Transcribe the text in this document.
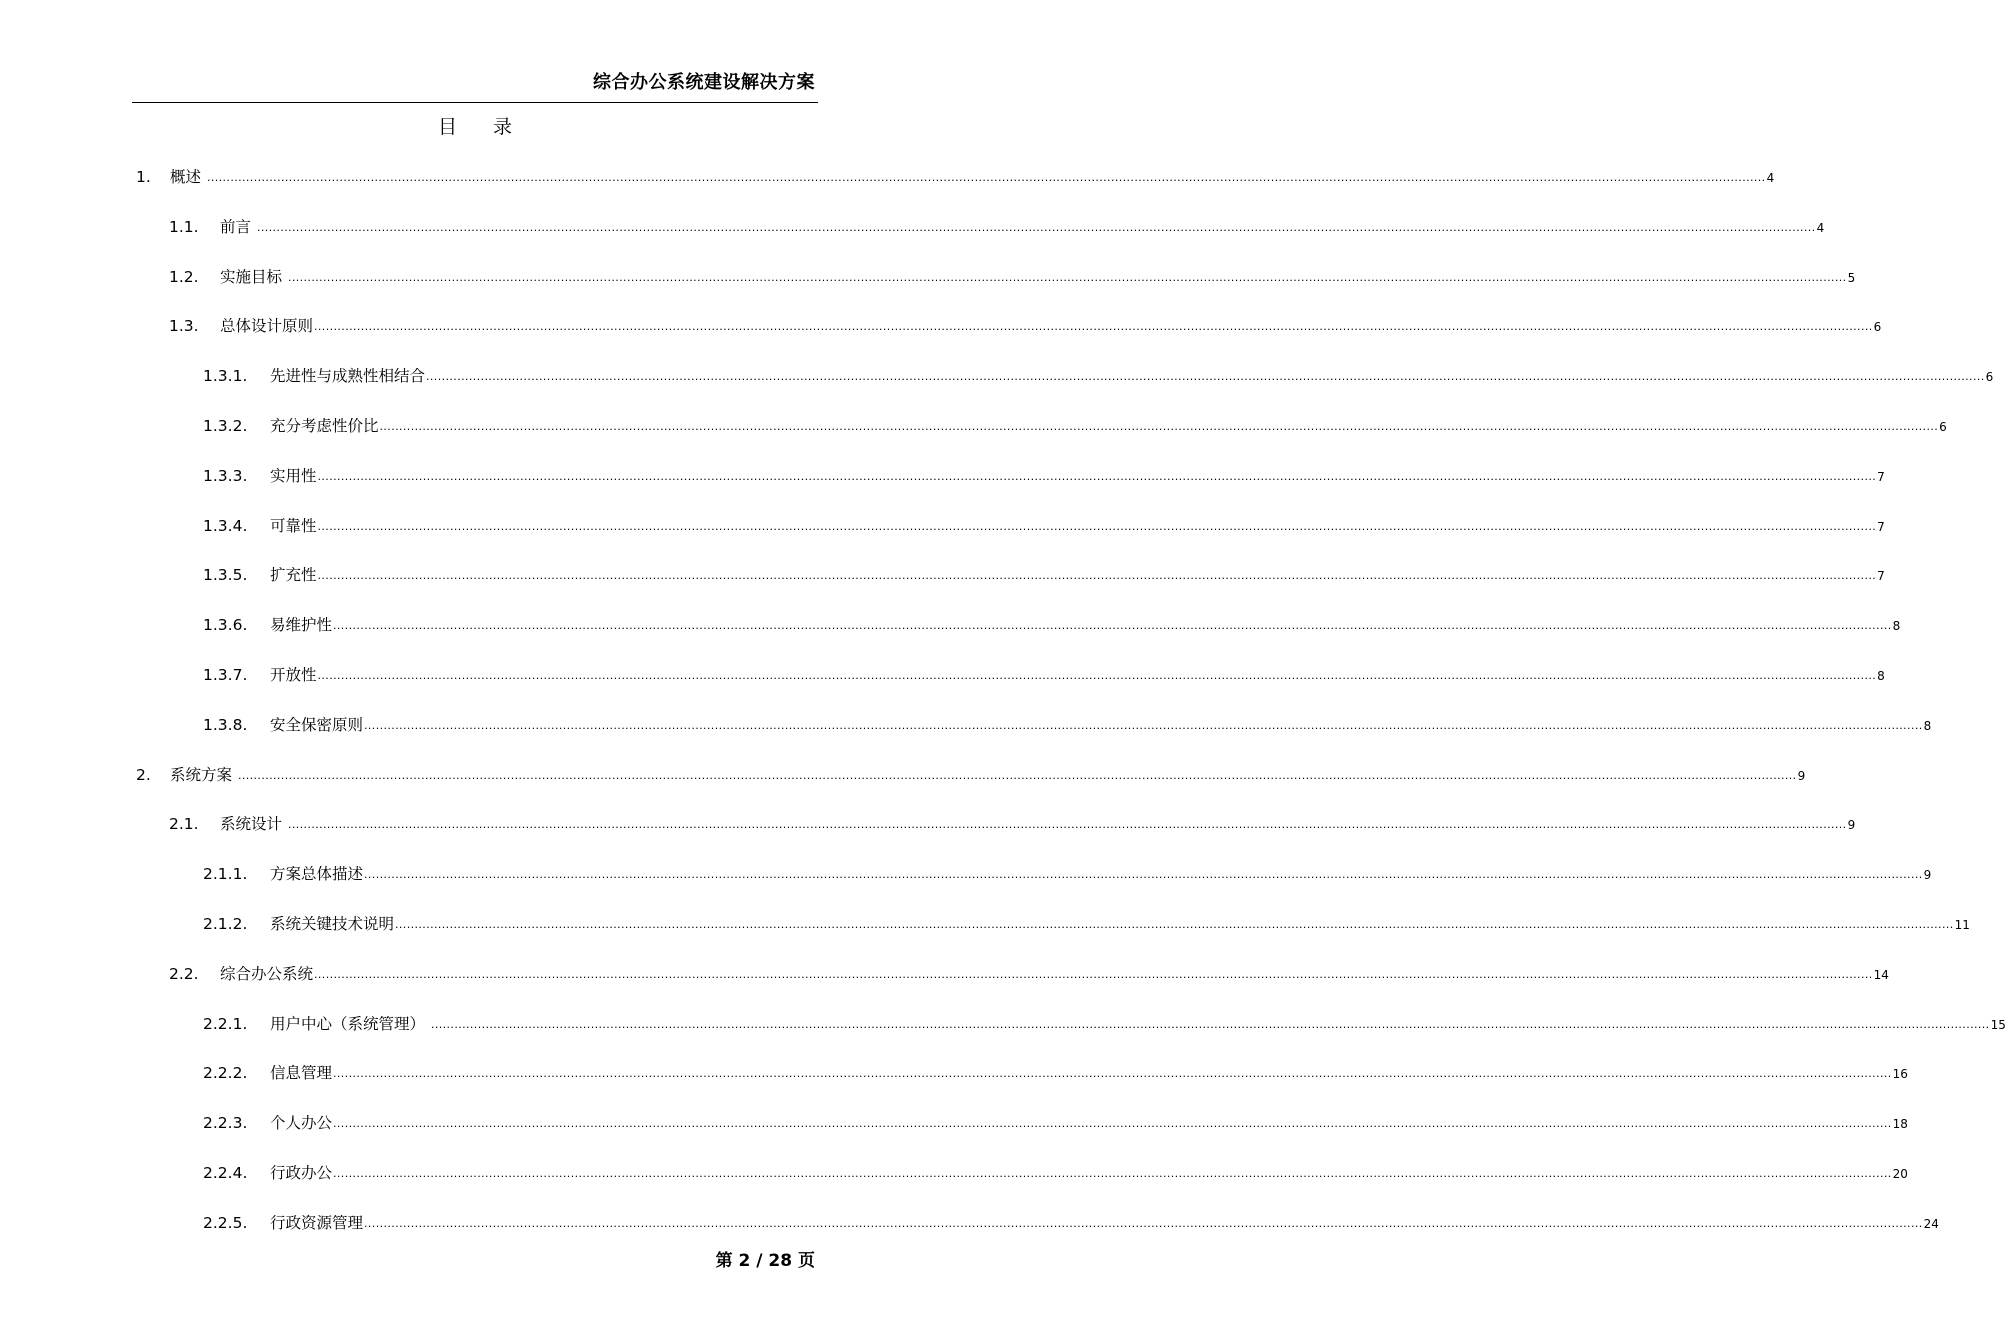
综合办公系统建设解决方案
目 录
1.	概述 ................................................................................................................................................................................................................................................................................................................................................................................................................ 4
1.1.	前言 ................................................................................................................................................................................................................................................................................................................................................................................................................ 4
1.2.	实施目标 ................................................................................................................................................................................................................................................................................................................................................................................................................ 5
1.3.	总体设计原则 ................................................................................................................................................................................................................................................................................................................................................................................................................ 6
1.3.1.	先进性与成熟性相结合 ................................................................................................................................................................................................................................................................................................................................................................................................................ 6
1.3.2.	充分考虑性价比 ................................................................................................................................................................................................................................................................................................................................................................................................................ 6
1.3.3.	实用性 ................................................................................................................................................................................................................................................................................................................................................................................................................ 7
1.3.4.	可靠性 ................................................................................................................................................................................................................................................................................................................................................................................................................ 7
1.3.5.	扩充性 ................................................................................................................................................................................................................................................................................................................................................................................................................ 7
1.3.6.	易维护性 ................................................................................................................................................................................................................................................................................................................................................................................................................ 8
1.3.7.	开放性 ................................................................................................................................................................................................................................................................................................................................................................................................................ 8
1.3.8.	安全保密原则 ................................................................................................................................................................................................................................................................................................................................................................................................................ 8
2.	系统方案 ................................................................................................................................................................................................................................................................................................................................................................................................................ 9
2.1.	系统设计 ................................................................................................................................................................................................................................................................................................................................................................................................................ 9
2.1.1.	方案总体描述 ................................................................................................................................................................................................................................................................................................................................................................................................................ 9
2.1.2.	系统关键技术说明 ................................................................................................................................................................................................................................................................................................................................................................................................................ 11
2.2.	综合办公系统 ................................................................................................................................................................................................................................................................................................................................................................................................................ 14
2.2.1.	用户中心（系统管理） ................................................................................................................................................................................................................................................................................................................................................................................................................ 15
2.2.2.	信息管理 ................................................................................................................................................................................................................................................................................................................................................................................................................ 16
2.2.3.	个人办公 ................................................................................................................................................................................................................................................................................................................................................................................................................ 18
2.2.4.	行政办公 ................................................................................................................................................................................................................................................................................................................................................................................................................ 20
2.2.5.	行政资源管理 ................................................................................................................................................................................................................................................................................................................................................................................................................ 24
第 2 / 28 页
